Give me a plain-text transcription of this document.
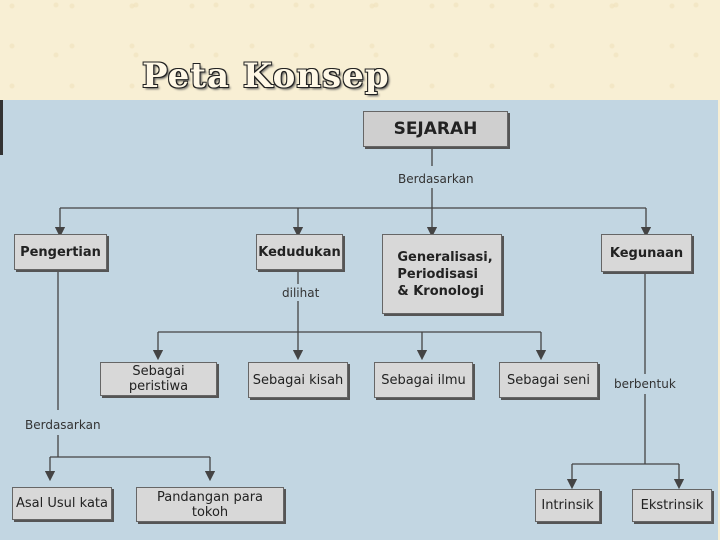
Peta Konsep
SEJARAH
Berdasarkan
Pengertian	Kedudukan	Generalisasi,
Periodisasi
& Kronologi
Kegunaan
dilihat
Sebagai peristiwa	Sebagai kisah	Sebagai ilmu	Sebagai seni	berbentuk
Berdasarkan
Asal Usul kata	Pandangan para tokoh	Intrinsik	Ekstrinsik
